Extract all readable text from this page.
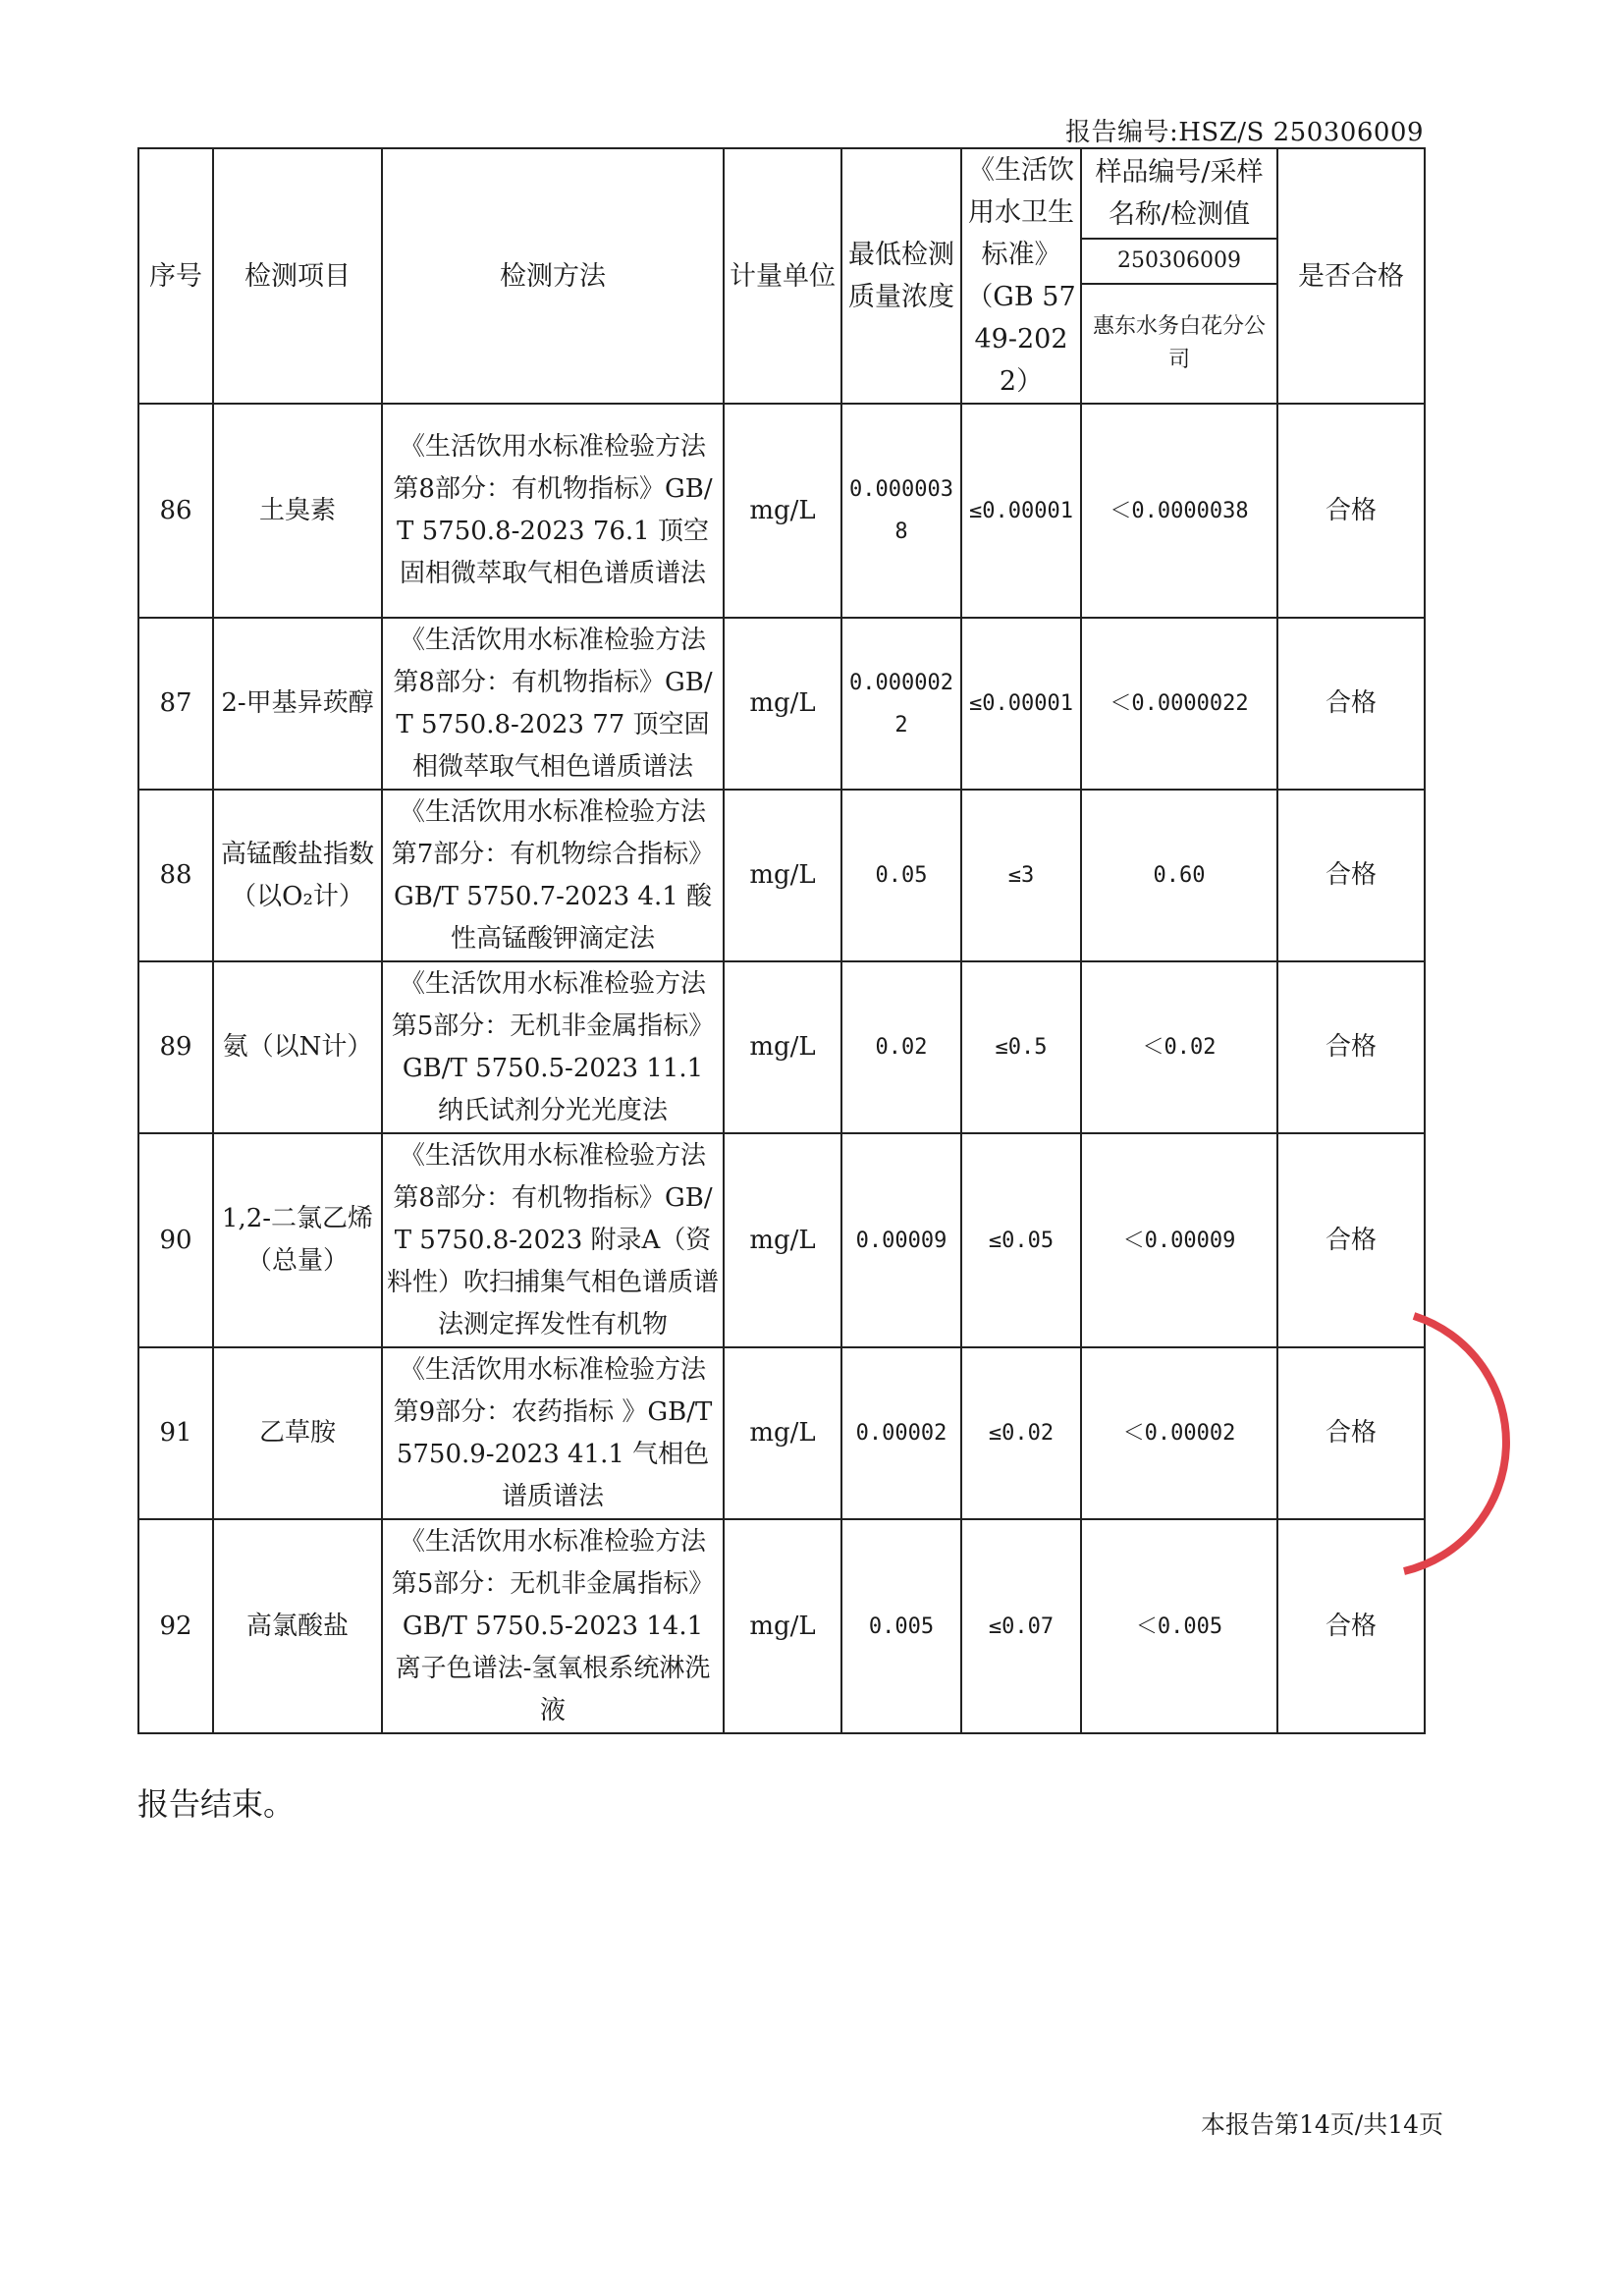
报告编号:HSZ/S 250306009
序号	检测项目	检测方法	计量单位	最低检测质量浓度	《生活饮用水卫生标准》（GB 5749-2022）	样品编号/采样名称/检测值	是否合格
						250306009	
						惠东水务白花分公司	
86	土臭素	《生活饮用水标准检验方法 第8部分：有机物指标》GB/T 5750.8-2023 76.1 顶空固相微萃取气相色谱质谱法	mg/L	0.0000038	≤0.00001	＜0.0000038	合格
87	2-甲基异莰醇	《生活饮用水标准检验方法 第8部分：有机物指标》GB/T 5750.8-2023 77 顶空固相微萃取气相色谱质谱法	mg/L	0.0000022	≤0.00001	＜0.0000022	合格
88	高锰酸盐指数（以O₂计）	《生活饮用水标准检验方法 第7部分：有机物综合指标》GB/T 5750.7-2023 4.1 酸性高锰酸钾滴定法	mg/L	0.05	≤3	0.60	合格
89	氨（以N计）	《生活饮用水标准检验方法 第5部分：无机非金属指标》GB/T 5750.5-2023 11.1 纳氏试剂分光光度法	mg/L	0.02	≤0.5	＜0.02	合格
90	1,2-二氯乙烯（总量）	《生活饮用水标准检验方法 第8部分：有机物指标》GB/T 5750.8-2023 附录A（资料性）吹扫捕集气相色谱质谱法测定挥发性有机物	mg/L	0.00009	≤0.05	＜0.00009	合格
91	乙草胺	《生活饮用水标准检验方法 第9部分：农药指标 》GB/T 5750.9-2023 41.1 气相色谱质谱法	mg/L	0.00002	≤0.02	＜0.00002	合格
92	高氯酸盐	《生活饮用水标准检验方法 第5部分：无机非金属指标》GB/T 5750.5-2023 14.1 离子色谱法-氢氧根系统淋洗液	mg/L	0.005	≤0.07	＜0.005	合格
报告结束。
本报告第14页/共14页
